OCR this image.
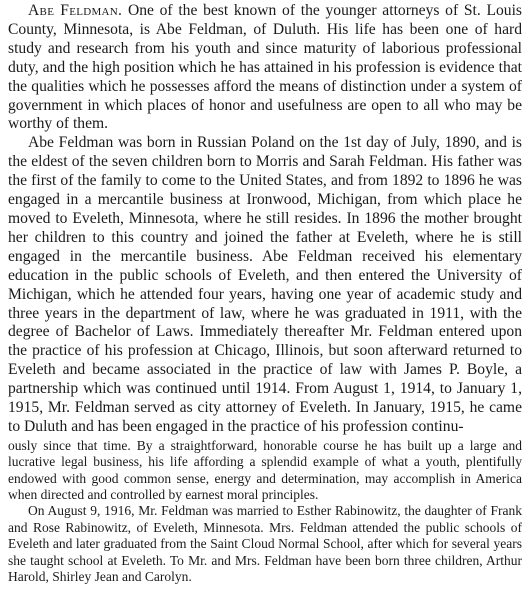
Abe Feldman. One of the best known of the younger attorneys of St. Louis County, Minnesota, is Abe Feldman, of Duluth. His life has been one of hard study and research from his youth and since maturity of laborious professional duty, and the high position which he has attained in his profession is evidence that the qualities which he possesses afford the means of distinction under a system of government in which places of honor and usefulness are open to all who may be worthy of them.

Abe Feldman was born in Russian Poland on the 1st day of July, 1890, and is the eldest of the seven children born to Morris and Sarah Feldman. His father was the first of the family to come to the United States, and from 1892 to 1896 he was engaged in a mercantile business at Ironwood, Michigan, from which place he moved to Eveleth, Minnesota, where he still resides. In 1896 the mother brought her children to this country and joined the father at Eveleth, where he is still engaged in the mercantile business. Abe Feldman received his elementary education in the public schools of Eveleth, and then entered the University of Michigan, which he attended four years, having one year of academic study and three years in the department of law, where he was graduated in 1911, with the degree of Bachelor of Laws. Immediately thereafter Mr. Feldman entered upon the practice of his profession at Chicago, Illinois, but soon afterward returned to Eveleth and became associated in the practice of law with James P. Boyle, a partnership which was continued until 1914. From August 1, 1914, to January 1, 1915, Mr. Feldman served as city attorney of Eveleth. In January, 1915, he came to Duluth and has been engaged in the practice of his profession continu-

ously since that time. By a straightforward, honorable course he has built up a large and lucrative legal business, his life affording a splendid example of what a youth, plentifully endowed with good common sense, energy and determination, may accomplish in America when directed and controlled by earnest moral principles.

On August 9, 1916, Mr. Feldman was married to Esther Rabinowitz, the daughter of Frank and Rose Rabinowitz, of Eveleth, Minnesota. Mrs. Feldman attended the public schools of Eveleth and later graduated from the Saint Cloud Normal School, after which for several years she taught school at Eveleth. To Mr. and Mrs. Feldman have been born three children, Arthur Harold, Shirley Jean and Carolyn.
